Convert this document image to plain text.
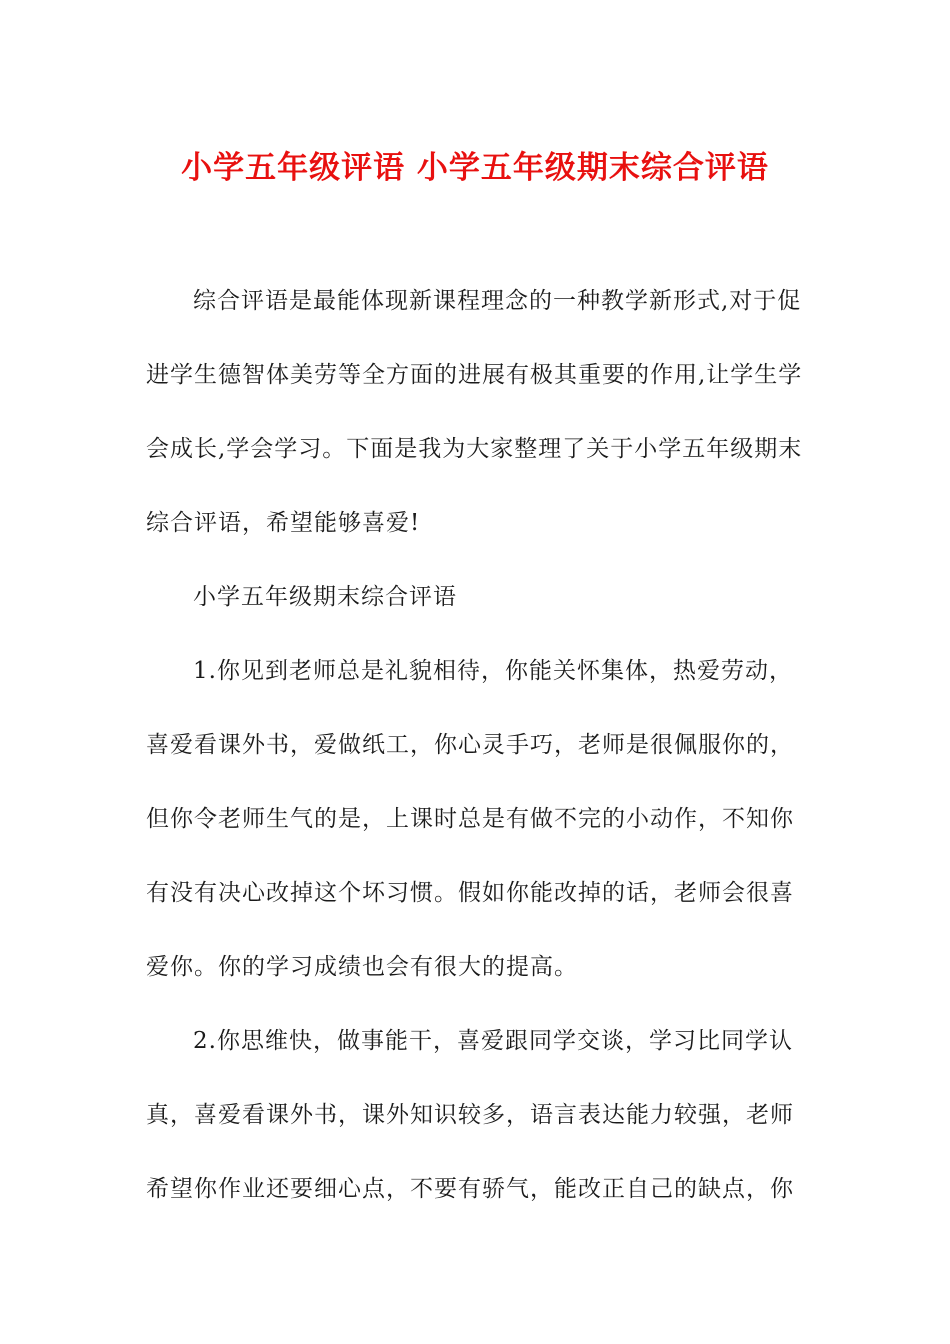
小学五年级评语 小学五年级期末综合评语

综合评语是最能体现新课程理念的一种教学新形式,对于促

进学生德智体美劳等全方面的进展有极其重要的作用,让学生学

会成长,学会学习。下面是我为大家整理了关于小学五年级期末

综合评语，希望能够喜爱!

小学五年级期末综合评语

1.你见到老师总是礼貌相待，你能关怀集体，热爱劳动，

喜爱看课外书，爱做纸工，你心灵手巧，老师是很佩服你的，

但你令老师生气的是，上课时总是有做不完的小动作，不知你

有没有决心改掉这个坏习惯。假如你能改掉的话，老师会很喜

爱你。你的学习成绩也会有很大的提高。

2.你思维快，做事能干，喜爱跟同学交谈，学习比同学认

真，喜爱看课外书，课外知识较多，语言表达能力较强，老师

希望你作业还要细心点，不要有骄气，能改正自己的缺点，你
